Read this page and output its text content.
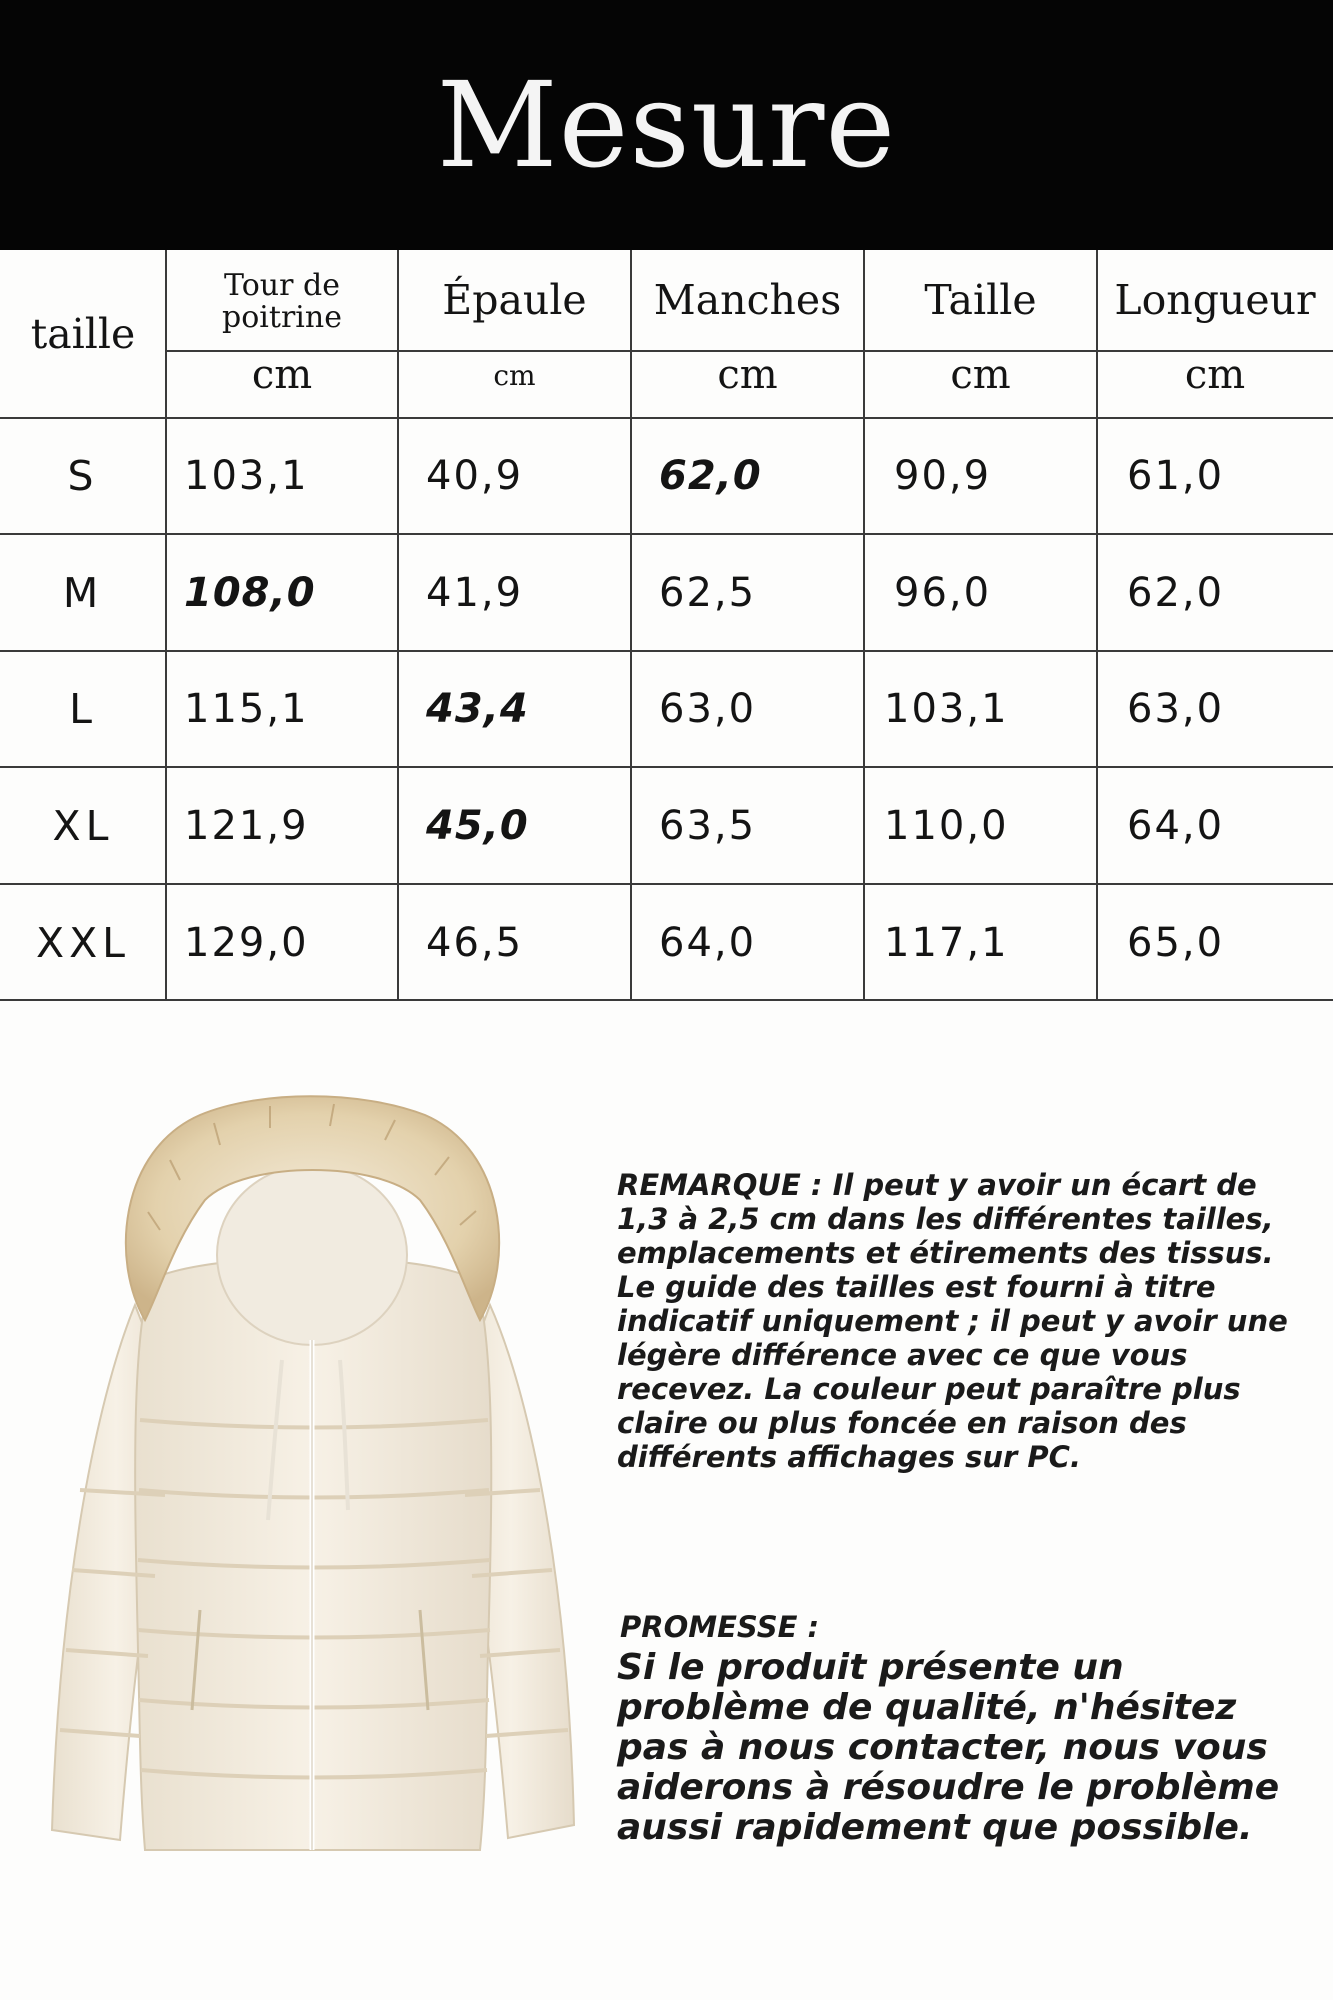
Mesure
taille
Tour de poitrine	Épaule	Manches	Taille	Longueur
cm	cm	cm	cm	cm
S	103,1	40,9	62,0	90,9	61,0
M	108,0	41,9	62,5	96,0	62,0
L	115,1	43,4	63,0	103,1	63,0
XL	121,9	45,0	63,5	110,0	64,0
XXL	129,0	46,5	64,0	117,1	65,0
REMARQUE : Il peut y avoir un écart de 1,3 à 2,5 cm dans les différentes tailles, emplacements et étirements des tissus. Le guide des tailles est fourni à titre indicatif uniquement ; il peut y avoir une légère différence avec ce que vous recevez. La couleur peut paraître plus claire ou plus foncée en raison des différents affichages sur PC.
PROMESSE :
Si le produit présente un problème de qualité, n'hésitez pas à nous contacter, nous vous aiderons à résoudre le problème aussi rapidement que possible.
